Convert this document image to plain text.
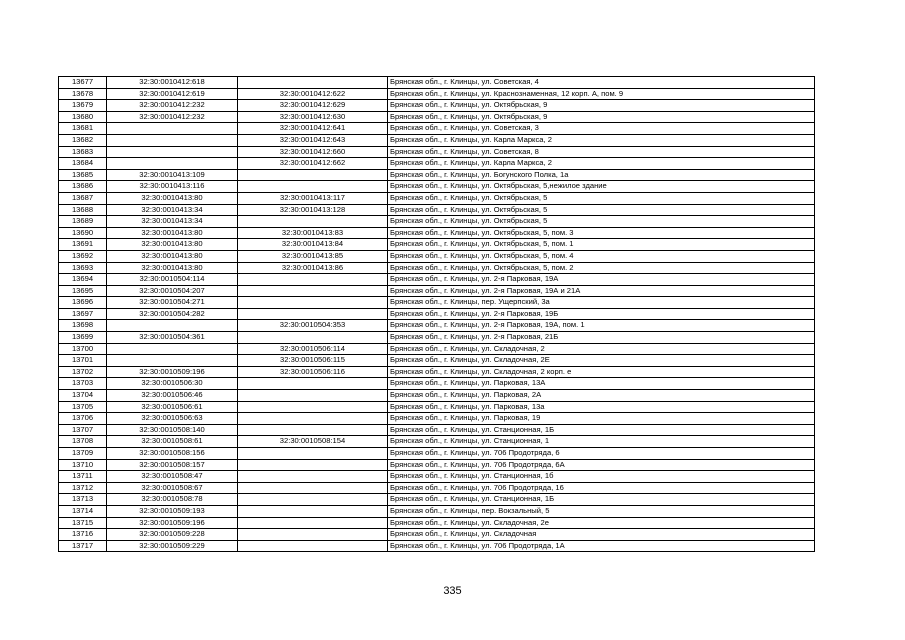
13677	32:30:0010412:618		Брянская обл., г. Клинцы, ул. Советская, 4
13678	32:30:0010412:619	32:30:0010412:622	Брянская обл., г. Клинцы, ул. Краснознаменная, 12 корп. А, пом. 9
13679	32:30:0010412:232	32:30:0010412:629	Брянская обл., г. Клинцы, ул. Октябрьская, 9
13680	32:30:0010412:232	32:30:0010412:630	Брянская обл., г. Клинцы, ул. Октябрьская, 9
13681		32:30:0010412:641	Брянская обл., г. Клинцы, ул. Советская, 3
13682		32:30:0010412:643	Брянская обл., г. Клинцы, ул. Карла Маркса, 2
13683		32:30:0010412:660	Брянская обл., г. Клинцы, ул. Советская, 8
13684		32:30:0010412:662	Брянская обл., г. Клинцы, ул. Карла Маркса, 2
13685	32:30:0010413:109		Брянская обл., г. Клинцы, ул. Богунского Полка, 1а
13686	32:30:0010413:116		Брянская обл., г. Клинцы, ул. Октябрьская, 5,нежилое здание
13687	32:30:0010413:80	32:30:0010413:117	Брянская обл., г. Клинцы, ул. Октябрьская, 5
13688	32:30:0010413:34	32:30:0010413:128	Брянская обл., г. Клинцы, ул. Октябрьская, 5
13689	32:30:0010413:34		Брянская обл., г. Клинцы, ул. Октябрьская, 5
13690	32:30:0010413:80	32:30:0010413:83	Брянская обл., г. Клинцы, ул. Октябрьская, 5, пом. 3
13691	32:30:0010413:80	32:30:0010413:84	Брянская обл., г. Клинцы, ул. Октябрьская, 5, пом. 1
13692	32:30:0010413:80	32:30:0010413:85	Брянская обл., г. Клинцы, ул. Октябрьская, 5, пом. 4
13693	32:30:0010413:80	32:30:0010413:86	Брянская обл., г. Клинцы, ул. Октябрьская, 5, пом. 2
13694	32:30:0010504:114		Брянская обл., г. Клинцы, ул. 2-я Парковая, 19А
13695	32:30:0010504:207		Брянская обл., г. Клинцы, ул. 2-я Парковая, 19А и 21А
13696	32:30:0010504:271		Брянская обл., г. Клинцы, пер. Ущерпский, 3а
13697	32:30:0010504:282		Брянская обл., г. Клинцы, ул. 2-я Парковая, 19Б
13698		32:30:0010504:353	Брянская обл., г. Клинцы, ул. 2-я Парковая, 19А, пом. 1
13699	32:30:0010504:361		Брянская обл., г. Клинцы, ул. 2-я Парковая, 21Б
13700		32:30:0010506:114	Брянская обл., г. Клинцы, ул. Складочная, 2
13701		32:30:0010506:115	Брянская обл., г. Клинцы, ул. Складочная, 2Е
13702	32:30:0010509:196	32:30:0010506:116	Брянская обл., г. Клинцы, ул. Складочная, 2 корп. е
13703	32:30:0010506:30		Брянская обл., г. Клинцы, ул. Парковая, 13А
13704	32:30:0010506:46		Брянская обл., г. Клинцы, ул. Парковая, 2А
13705	32:30:0010506:61		Брянская обл., г. Клинцы, ул. Парковая, 13а
13706	32:30:0010506:63		Брянская обл., г. Клинцы, ул. Парковая, 19
13707	32:30:0010508:140		Брянская обл., г. Клинцы, ул. Станционная, 1Б
13708	32:30:0010508:61	32:30:0010508:154	Брянская обл., г. Клинцы, ул. Станционная, 1
13709	32:30:0010508:156		Брянская обл., г. Клинцы, ул. 706 Продотряда, 6
13710	32:30:0010508:157		Брянская обл., г. Клинцы, ул. 706 Продотряда, 6А
13711	32:30:0010508:47		Брянская обл., г. Клинцы, ул. Станционная, 1б
13712	32:30:0010508:67		Брянская обл., г. Клинцы, ул. 706 Продотряда, 16
13713	32:30:0010508:78		Брянская обл., г. Клинцы, ул. Станционная, 1Б
13714	32:30:0010509:193		Брянская обл., г. Клинцы, пер. Вокзальный, 5
13715	32:30:0010509:196		Брянская обл., г. Клинцы, ул. Складочная, 2е
13716	32:30:0010509:228		Брянская обл., г. Клинцы, ул. Складочная
13717	32:30:0010509:229		Брянская обл., г. Клинцы, ул. 706 Продотряда, 1А
335
